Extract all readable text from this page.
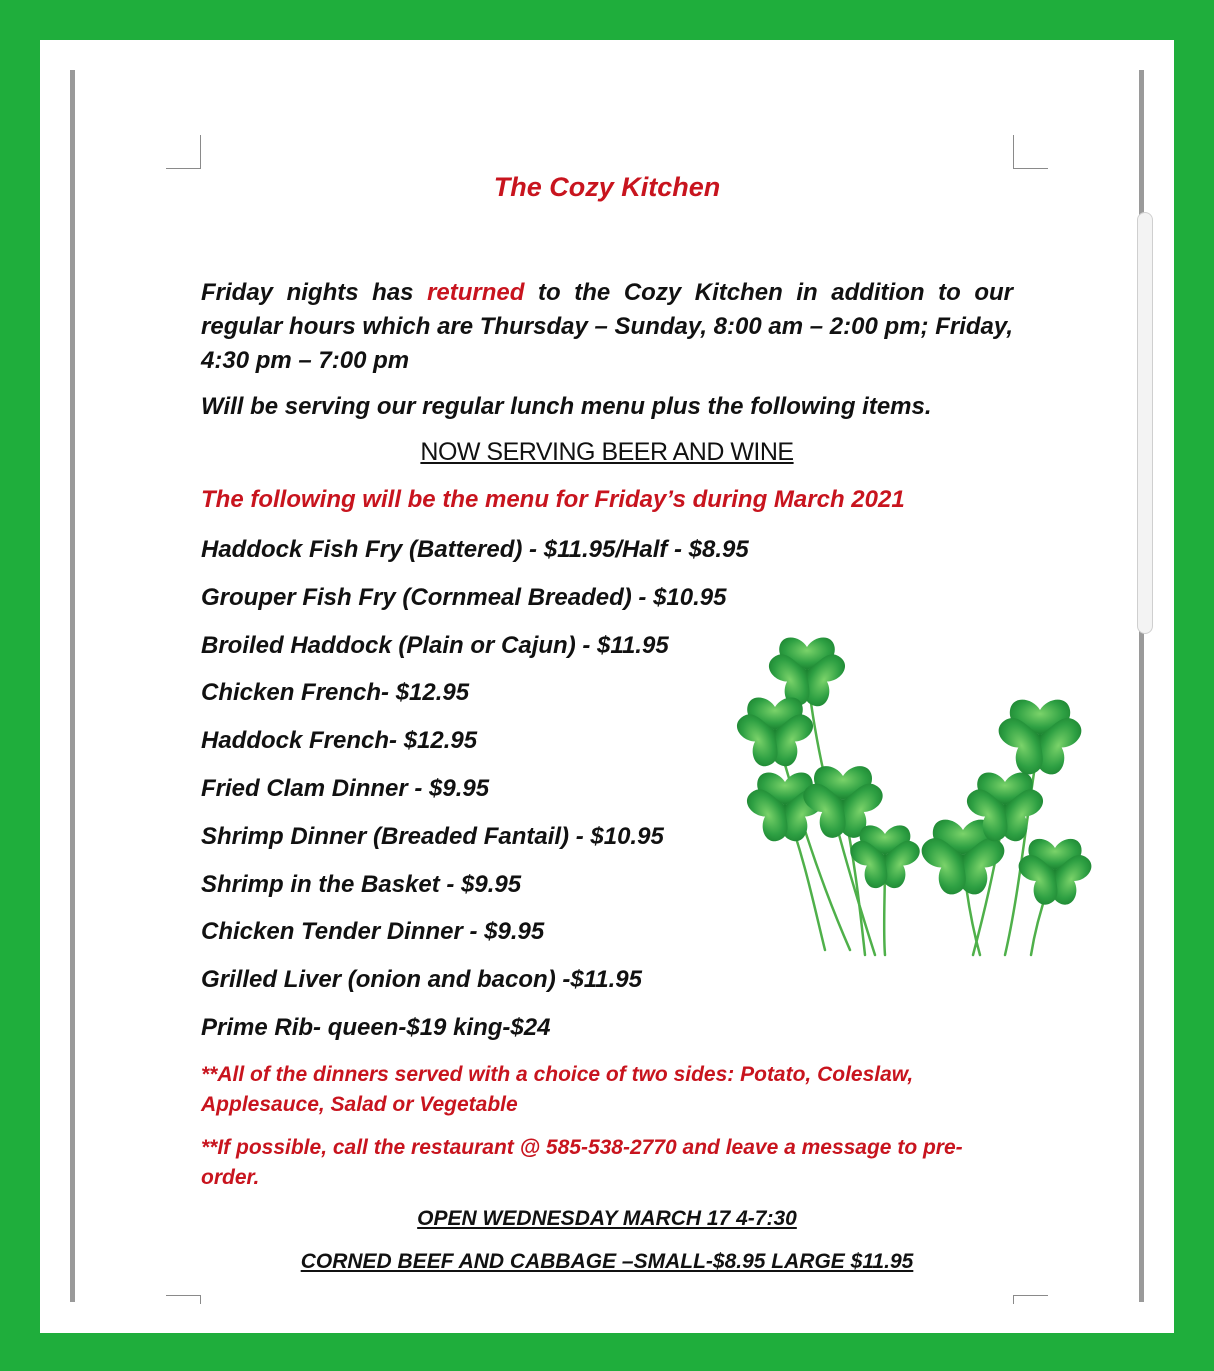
The Cozy Kitchen
Friday nights has returned to the Cozy Kitchen in addition to our regular hours which are Thursday – Sunday, 8:00 am – 2:00 pm; Friday, 4:30 pm – 7:00 pm
Will be serving our regular lunch menu plus the following items.
NOW SERVING BEER AND WINE
The following will be the menu for Friday’s during March 2021
Haddock Fish Fry (Battered) - $11.95/Half - $8.95
Grouper Fish Fry (Cornmeal Breaded) - $10.95
Broiled Haddock (Plain or Cajun) - $11.95
Chicken French- $12.95
Haddock French- $12.95
Fried Clam Dinner - $9.95
Shrimp Dinner (Breaded Fantail) - $10.95
Shrimp in the Basket - $9.95
Chicken Tender Dinner - $9.95
Grilled Liver (onion and bacon) -$11.95
Prime Rib- queen-$19 king-$24
**All of the dinners served with a choice of two sides: Potato, Coleslaw, Applesauce, Salad or Vegetable
**If possible, call the restaurant @ 585-538-2770 and leave a message to pre-order.
OPEN WEDNESDAY MARCH 17 4-7:30
CORNED BEEF AND CABBAGE –SMALL-$8.95 LARGE $11.95
